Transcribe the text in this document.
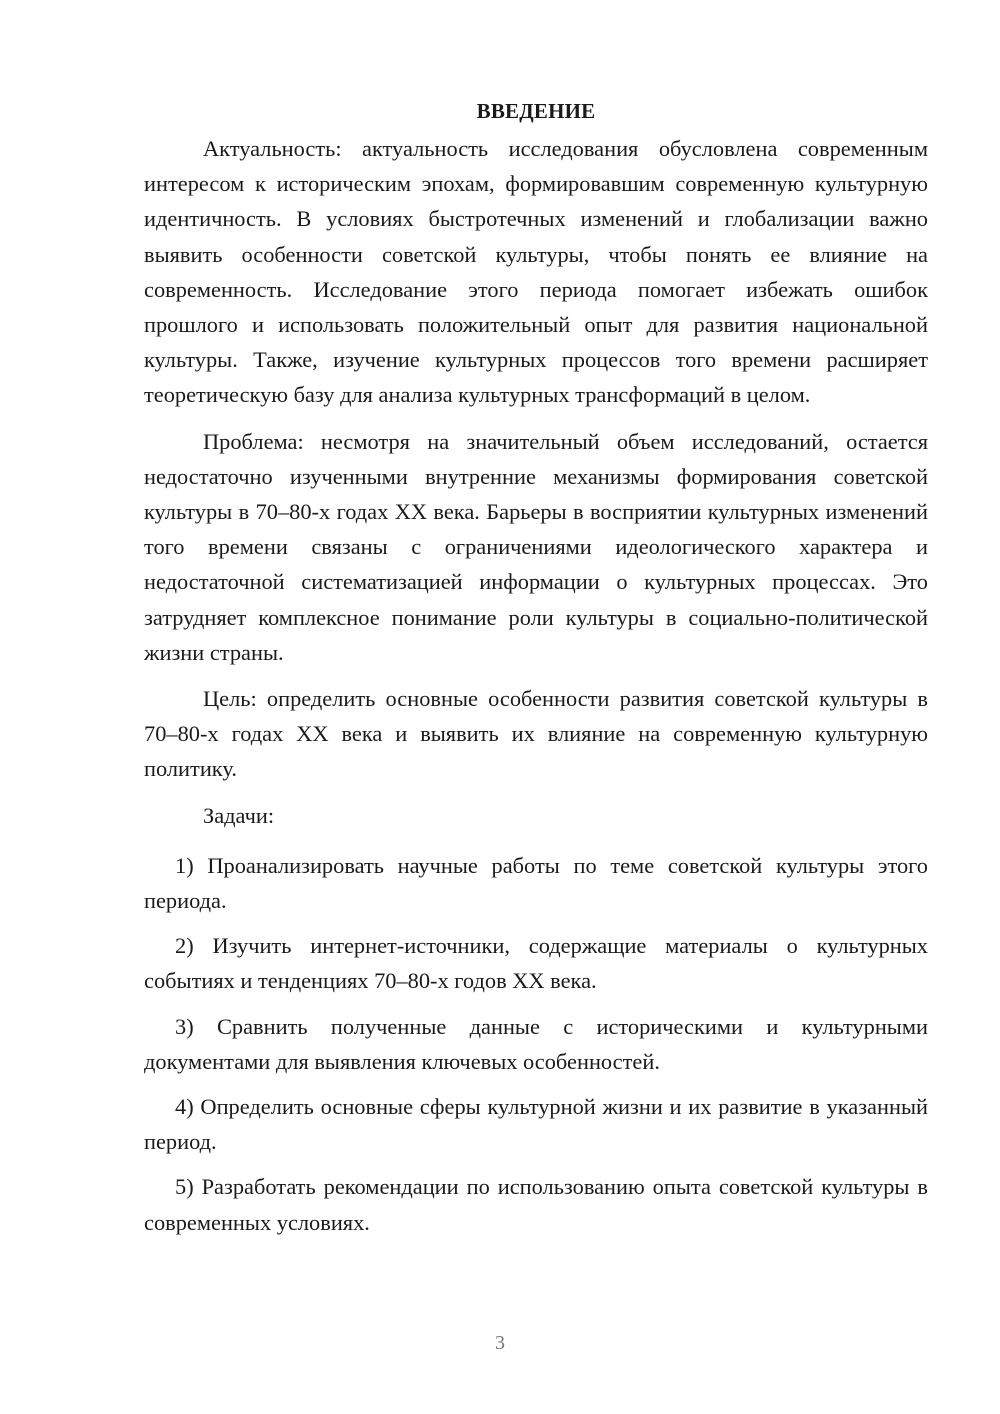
ВВЕДЕНИЕ

Актуальность: актуальность исследования обусловлена современным интересом к историческим эпохам, формировавшим современную культурную идентичность. В условиях быстротечных изменений и глобализации важно выявить особенности советской культуры, чтобы понять ее влияние на современность. Исследование этого периода помогает избежать ошибок прошлого и использовать положительный опыт для развития национальной культуры. Также, изучение культурных процессов того времени расширяет теоретическую базу для анализа культурных трансформаций в целом.

Проблема: несмотря на значительный объем исследований, остается недостаточно изученными внутренние механизмы формирования советской культуры в 70–80-х годах XX века. Барьеры в восприятии культурных изменений того времени связаны с ограничениями идеологического характера и недостаточной систематизацией информации о культурных процессах. Это затрудняет комплексное понимание роли культуры в социально-политической жизни страны.

Цель: определить основные особенности развития советской культуры в 70–80-х годах XX века и выявить их влияние на современную культурную политику.

Задачи:

1) Проанализировать научные работы по теме советской культуры этого периода.

2) Изучить интернет-источники, содержащие материалы о культурных событиях и тенденциях 70–80-х годов XX века.

3) Сравнить полученные данные с историческими и культурными документами для выявления ключевых особенностей.

4) Определить основные сферы культурной жизни и их развитие в указанный период.

5) Разработать рекомендации по использованию опыта советской культуры в современных условиях.

3
